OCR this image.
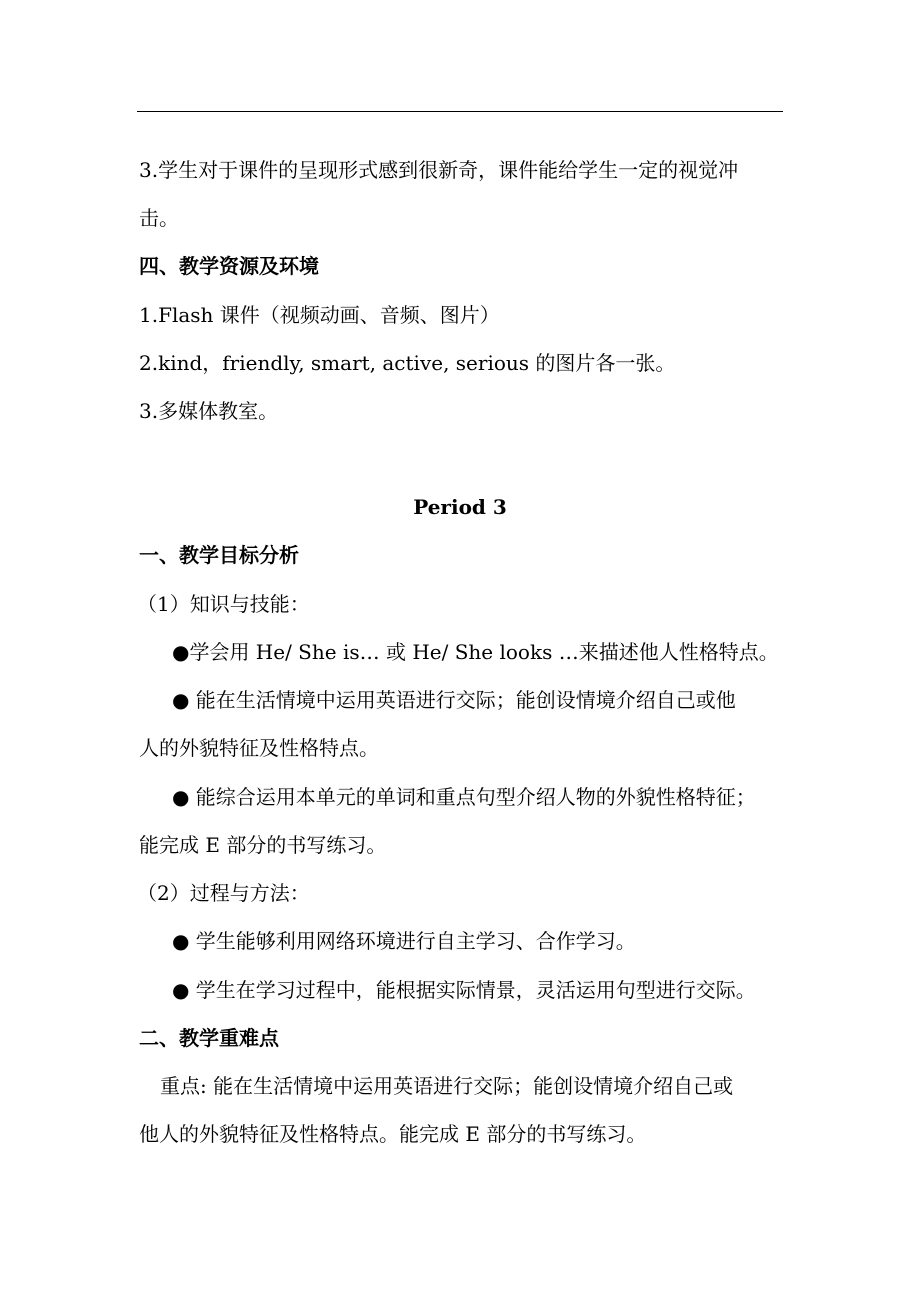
3.学生对于课件的呈现形式感到很新奇，课件能给学生一定的视觉冲
击。
四、教学资源及环境
1.Flash 课件（视频动画、音频、图片）
2.kind，friendly, smart, active, serious 的图片各一张。
3.多媒体教室。
Period 3
一、教学目标分析
（1）知识与技能：
●学会用 He/ She is… 或 He/ She looks …来描述他人性格特点。
● 能在生活情境中运用英语进行交际；能创设情境介绍自己或他
人的外貌特征及性格特点。
● 能综合运用本单元的单词和重点句型介绍人物的外貌性格特征；
能完成 E 部分的书写练习。
（2）过程与方法：
● 学生能够利用网络环境进行自主学习、合作学习。
● 学生在学习过程中，能根据实际情景，灵活运用句型进行交际。
二、教学重难点
重点: 能在生活情境中运用英语进行交际；能创设情境介绍自己或
他人的外貌特征及性格特点。能完成 E 部分的书写练习。
